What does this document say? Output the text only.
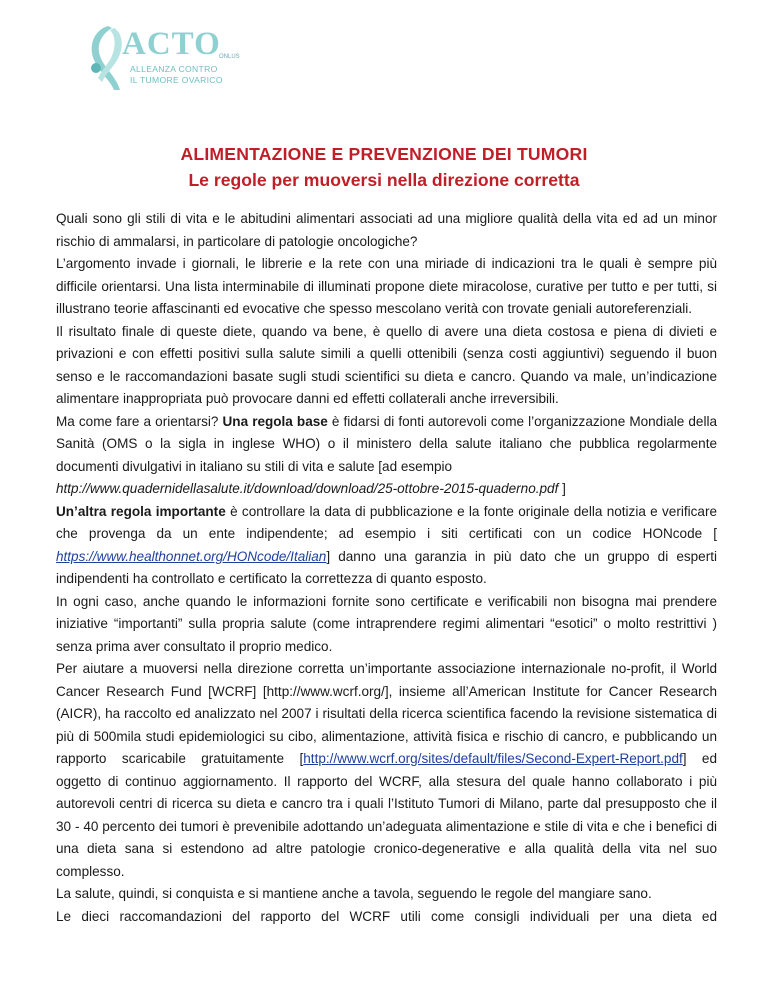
ACTO
ONLUS
ALLEANZA CONTRO
IL TUMORE OVARICO
ALIMENTAZIONE E PREVENZIONE DEI TUMORI
Le regole per muoversi nella direzione corretta

Quali sono gli stili di vita e le abitudini alimentari associati ad una migliore qualità della vita ed ad un minor rischio di ammalarsi, in particolare di patologie oncologiche?

L’argomento invade i giornali, le librerie e la rete con una miriade di indicazioni tra le quali è sempre più difficile orientarsi. Una lista interminabile di illuminati propone diete miracolose, curative per tutto e per tutti, si illustrano teorie affascinanti ed evocative che spesso mescolano verità con trovate geniali autoreferenziali.

Il risultato finale di queste diete, quando va bene, è quello di avere una dieta costosa e piena di divieti e privazioni e con effetti positivi sulla salute simili a quelli ottenibili (senza costi aggiuntivi) seguendo il buon senso e le raccomandazioni basate sugli studi scientifici su dieta e cancro. Quando va male, un’indicazione alimentare inappropriata può provocare danni ed effetti collaterali anche irreversibili.

Ma come fare a orientarsi? Una regola base è fidarsi di fonti autorevoli come l’organizzazione Mondiale della Sanità (OMS o la sigla in inglese WHO) o il ministero della salute italiano che pubblica regolarmente documenti divulgativi in italiano su stili di vita e salute [ad esempio
http://www.quadernidellasalute.it/download/download/25-ottobre-2015-quaderno.pdf ]

Un’altra regola importante è controllare la data di pubblicazione e la fonte originale della notizia e verificare che provenga da un ente indipendente; ad esempio i siti certificati con un codice HONcode [ https://www.healthonnet.org/HONcode/Italian] danno una garanzia in più dato che un gruppo di esperti indipendenti ha controllato e certificato la correttezza di quanto esposto.

In ogni caso, anche quando le informazioni fornite sono certificate e verificabili non bisogna mai prendere iniziative “importanti” sulla propria salute (come intraprendere regimi alimentari “esotici” o molto restrittivi ) senza prima aver consultato il proprio medico.

Per aiutare a muoversi nella direzione corretta un’importante associazione internazionale no-profit, il World Cancer Research Fund [WCRF] [http://www.wcrf.org/], insieme all’American Institute for Cancer Research (AICR), ha raccolto ed analizzato nel 2007 i risultati della ricerca scientifica facendo la revisione sistematica di più di 500mila studi epidemiologici su cibo, alimentazione, attività fisica e rischio di cancro, e pubblicando un rapporto scaricabile gratuitamente [http://www.wcrf.org/sites/default/files/Second-Expert-Report.pdf] ed oggetto di continuo aggiornamento. Il rapporto del WCRF, alla stesura del quale hanno collaborato i più autorevoli centri di ricerca su dieta e cancro tra i quali l’Istituto Tumori di Milano, parte dal presupposto che il 30 - 40 percento dei tumori è prevenibile adottando un’adeguata alimentazione e stile di vita e che i benefici di una dieta sana si estendono ad altre patologie cronico-degenerative e alla qualità della vita nel suo complesso.

La salute, quindi, si conquista e si mantiene anche a tavola, seguendo le regole del mangiare sano.

Le dieci raccomandazioni del rapporto del WCRF utili come consigli individuali per una dieta ed
